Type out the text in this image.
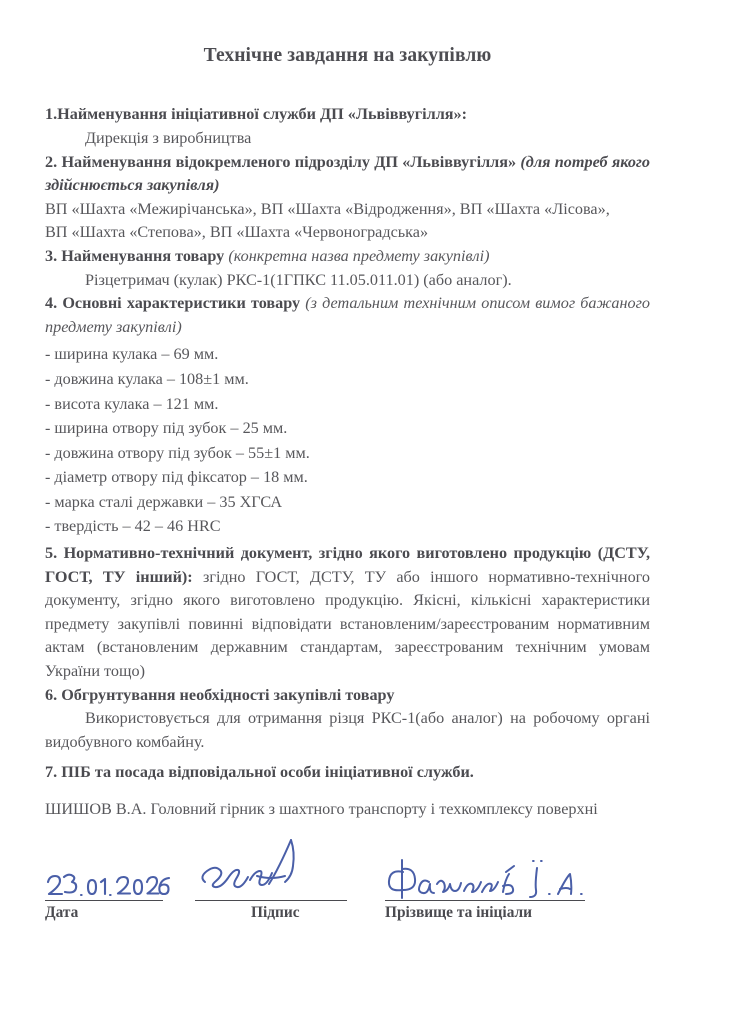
Технічне завдання на закупівлю

1.Найменування ініціативної служби ДП «Львіввугілля»:

Дирекція з виробництва

2. Найменування відокремленого підрозділу ДП «Львіввугілля» (для потреб якого здійснюється закупівля)

ВП «Шахта «Межирічанська», ВП «Шахта «Відродження», ВП «Шахта «Лісова»,

ВП «Шахта «Степова», ВП «Шахта «Червоноградська»

3. Найменування товару (конкретна назва предмету закупівлі)

Різцетримач (кулак) РКС-1(1ГПКС 11.05.011.01) (або аналог).

4. Основні характеристики товару (з детальним технічним описом вимог бажаного предмету закупівлі)

- ширина кулака – 69 мм.

- довжина кулака – 108±1 мм.

- висота кулака – 121 мм.

- ширина отвору під зубок – 25 мм.

- довжина отвору під зубок – 55±1 мм.

- діаметр отвору під фіксатор – 18 мм.

- марка сталі державки – 35 ХГСА

- твердість – 42 – 46 HRC

5. Нормативно-технічний документ, згідно якого виготовлено продукцію (ДСТУ, ГОСТ, ТУ інший): згідно ГОСТ, ДСТУ, ТУ або іншого нормативно-технічного документу, згідно якого виготовлено продукцію. Якісні, кількісні характеристики предмету закупівлі повинні відповідати встановленим/зареєстрованим нормативним актам (встановленим державним стандартам, зареєстрованим технічним умовам України тощо)

6. Обгрунтування необхідності закупівлі товару

Використовується для отримання різця РКС-1(або аналог) на робочому органі видобувного комбайну.

7. ПІБ та посада відповідальної особи ініціативної служби.

ШИШОВ В.А. Головний гірник з шахтного транспорту і техкомплексу поверхні

Дата	Підпис	Прізвище та ініціали
